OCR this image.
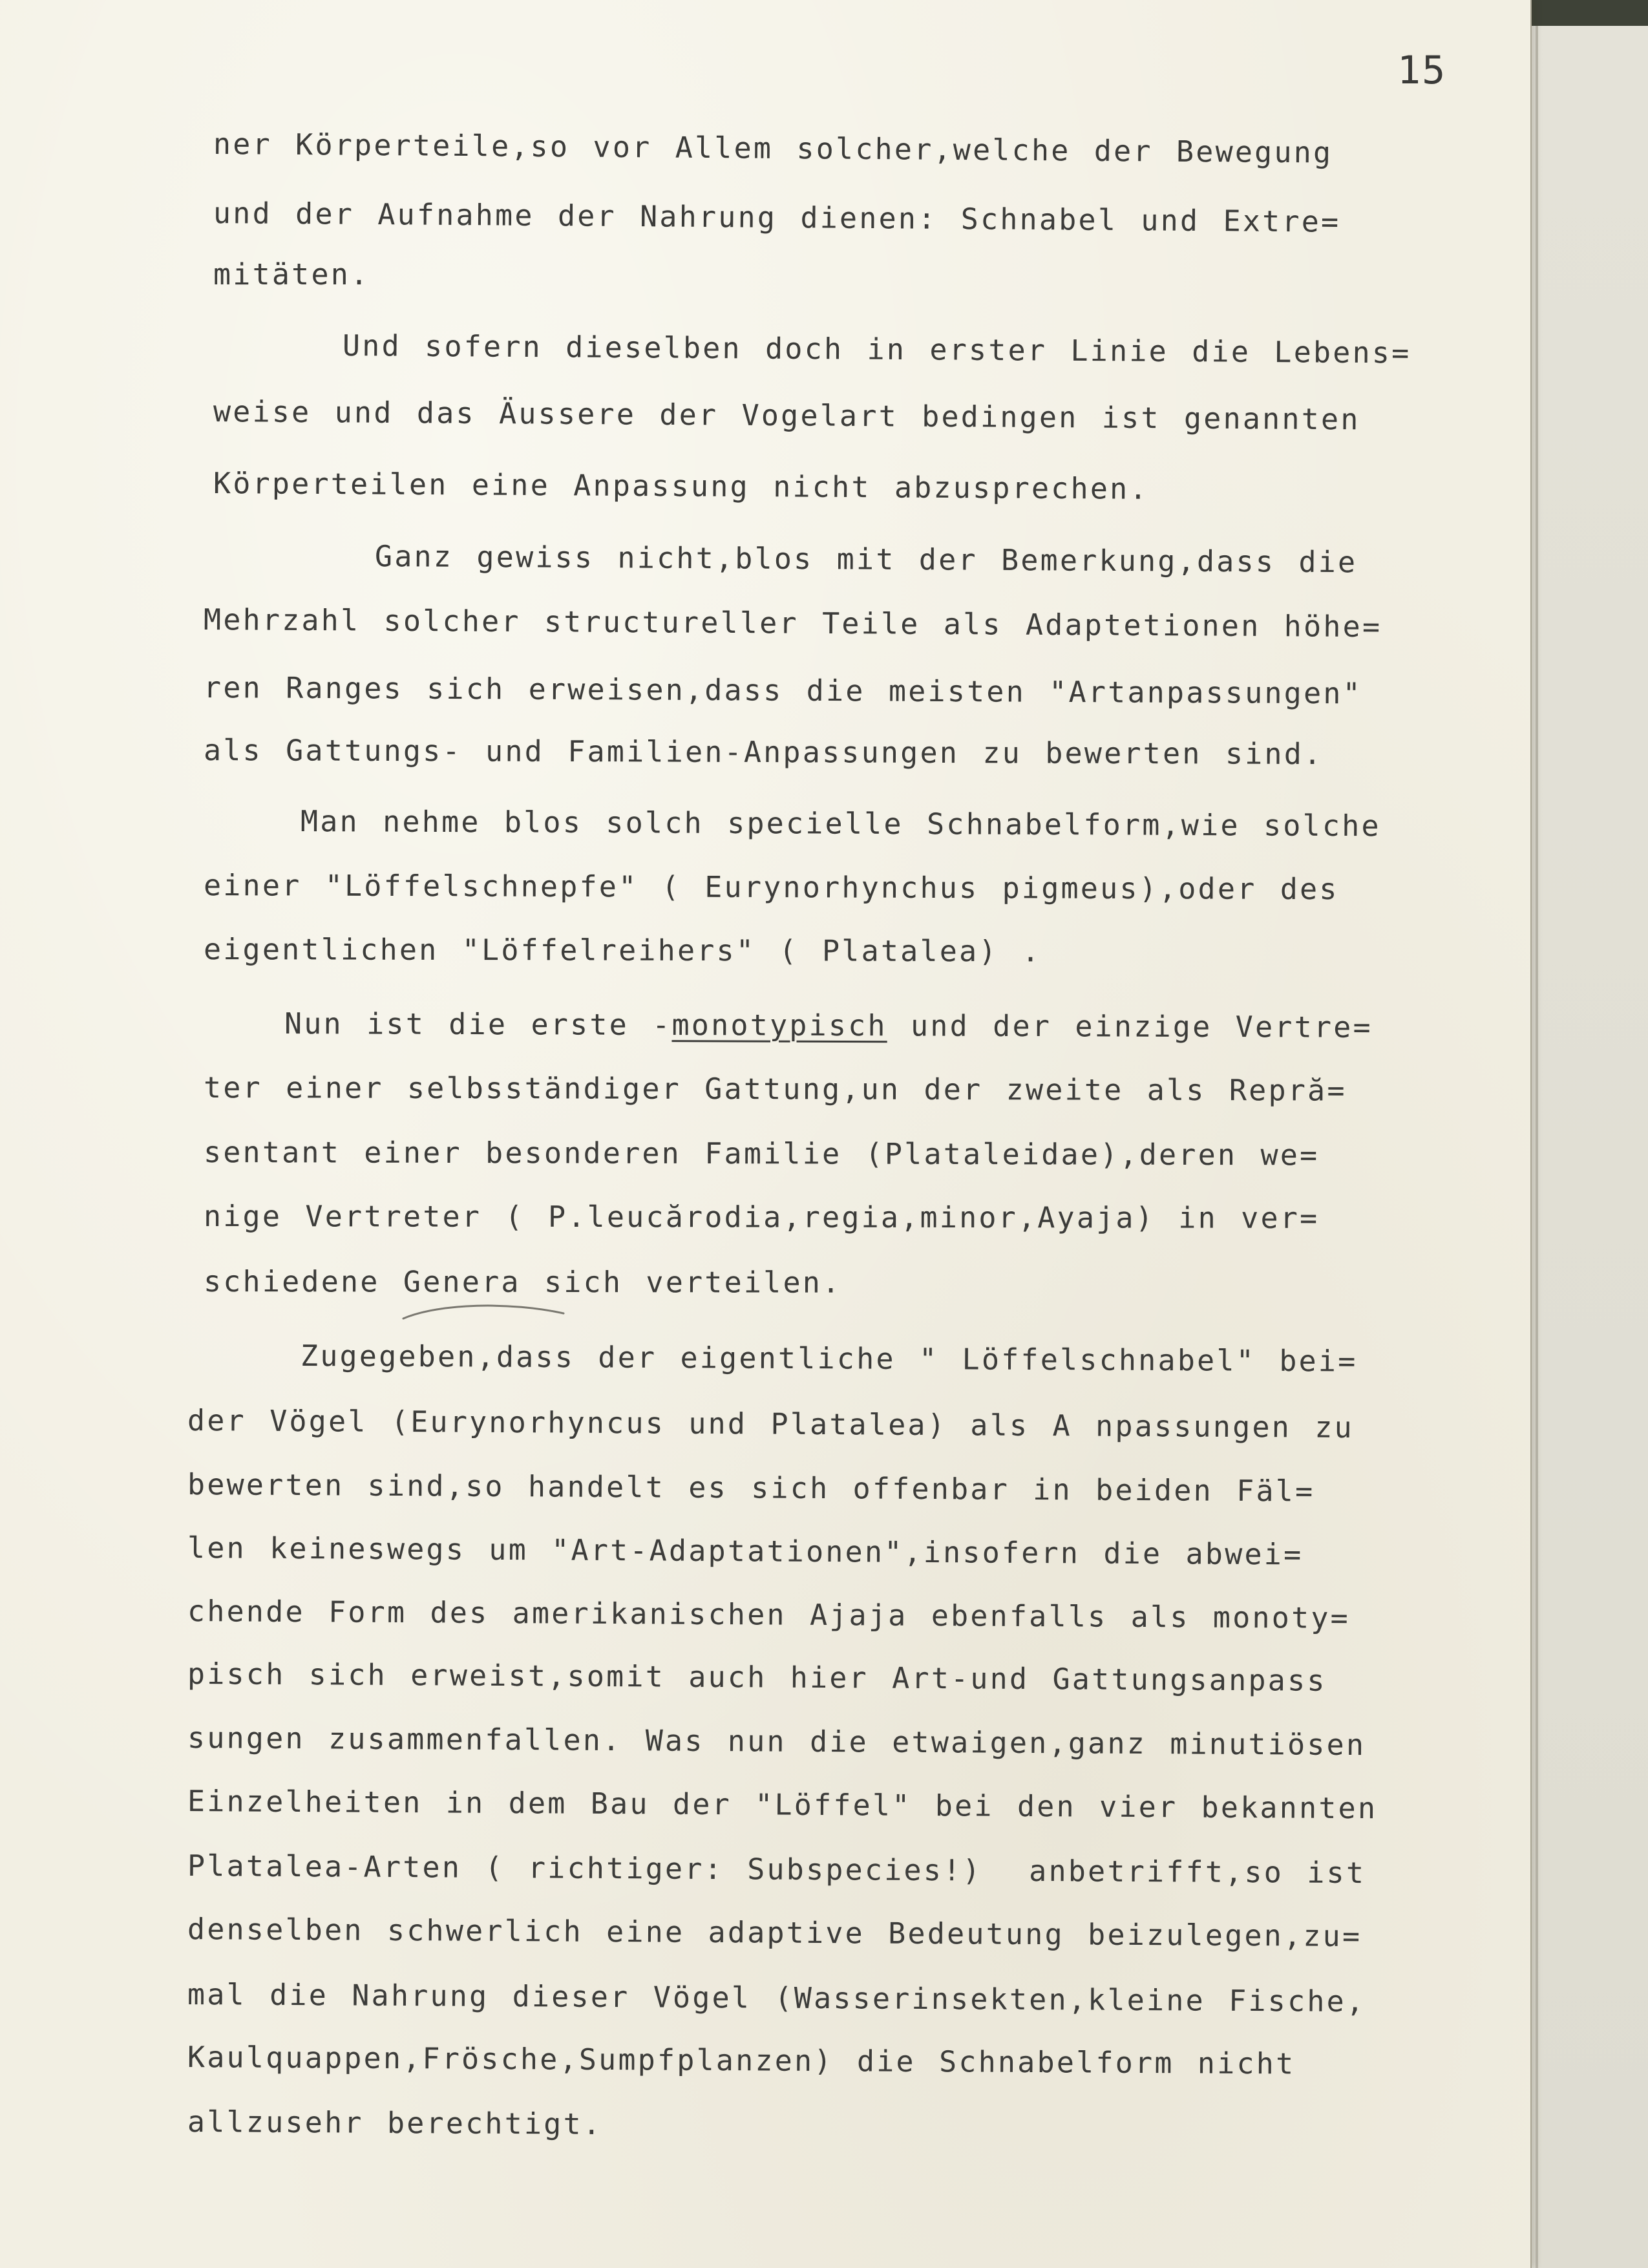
15
ner Körperteile,so vor Allem solcher,welche der Bewegung
und der Aufnahme der Nahrung dienen: Schnabel und Extre=
mitäten.
Und sofern dieselben doch in erster Linie die Lebens=
weise und das Äussere der Vogelart bedingen ist genannten
Körperteilen eine Anpassung nicht abzusprechen.
Ganz gewiss nicht,blos mit der Bemerkung,dass die
Mehrzahl solcher structureller Teile als Adaptetionen höhe=
ren Ranges sich erweisen,dass die meisten "Artanpassungen"
als Gattungs- und Familien-Anpassungen zu bewerten sind.
Man nehme blos solch specielle Schnabelform,wie solche
einer "Löffelschnepfe" ( Eurynorhynchus pigmeus),oder des
eigentlichen "Löffelreihers" ( Platalea) .
Nun ist die erste -monotypisch und der einzige Vertre=
ter einer selbsständiger Gattung,un der zweite als Repră=
sentant einer besonderen Familie (Plataleidae),deren we=
nige Vertreter ( P.leucărodia,regia,minor,Ayaja) in ver=
schiedene Genera sich verteilen.
Zugegeben,dass der eigentliche " Löffelschnabel" bei=
der Vögel (Eurynorhyncus und Platalea) als A npassungen zu
bewerten sind,so handelt es sich offenbar in beiden Fäl=
len keineswegs um "Art-Adaptationen",insofern die abwei=
chende Form des amerikanischen Ajaja ebenfalls als monoty=
pisch sich erweist,somit auch hier Art-und Gattungsanpass
sungen zusammenfallen. Was nun die etwaigen,ganz minutiösen
Einzelheiten in dem Bau der "Löffel" bei den vier bekannten
Platalea-Arten ( richtiger: Subspecies!)  anbetrifft,so ist
denselben schwerlich eine adaptive Bedeutung beizulegen,zu=
mal die Nahrung dieser Vögel (Wasserinsekten,kleine Fische,
Kaulquappen,Frösche,Sumpfplanzen) die Schnabelform nicht
allzusehr berechtigt.
